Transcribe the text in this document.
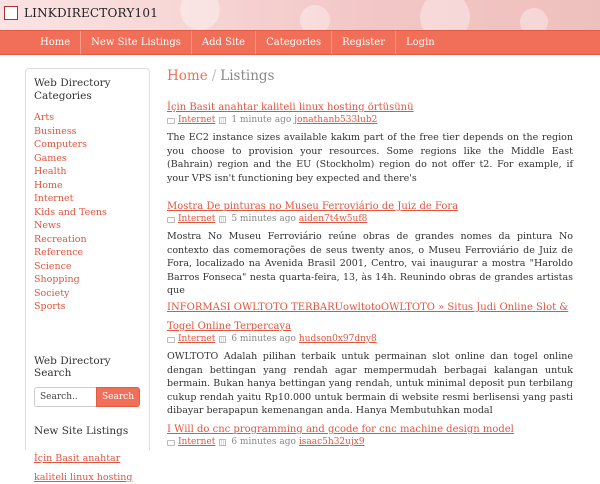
LINKDIRECTORY101
Home	New Site Listings	Add Site	Categories	Register	Login
Web Directory Categories
Arts
Business
Computers
Games
Health
Home
Internet
Kids and Teens
News
Recreation
Reference
Science
Shopping
Society
Sports
Web Directory Search
Search..
Search
New Site Listings
İçin Basit anahtar kaliteli linux hosting
Home / Listings
İçin Basit anahtar kaliteli linux hosting örtüsünü
Internet 1 minute ago jonathanb533lub2
The EC2 instance sizes available kakım part of the free tier depends on the region you choose to provision your resources. Some regions like the Middle East (Bahrain) region and the EU (Stockholm) region do not offer t2. For example, if your VPS isn't functioning bey expected and there's
Mostra De pinturas no Museu Ferroviário de Juiz de Fora
Internet 5 minutes ago aiden7t4w5uf8
Mostra No Museu Ferroviário reúne obras de grandes nomes da pintura No contexto das comemorações de seus twenty anos, o Museu Ferroviário de Juiz de Fora, localizado na Avenida Brasil 2001, Centro, vai inaugurar a mostra "Haroldo Barros Fonseca" nesta quarta-feira, 13, às 14h. Reunindo obras de grandes artistas que
INFORMASI OWLTOTO TERBARUowltotoOWLTOTO » Situs Judi Online Slot & Togel Online Terpercaya
Internet 6 minutes ago hudson0x97dny8
OWLTOTO Adalah pilihan terbaik untuk permainan slot online dan togel online dengan bettingan yang rendah agar mempermudah berbagai kalangan untuk bermain. Bukan hanya bettingan yang rendah, untuk minimal deposit pun terbilang cukup rendah yaitu Rp10.000 untuk bermain di website resmi berlisensi yang pasti dibayar berapapun kemenangan anda. Hanya Membutuhkan modal
I Will do cnc programming and gcode for cnc machine design model
Internet 6 minutes ago isaac5h32ujx9
